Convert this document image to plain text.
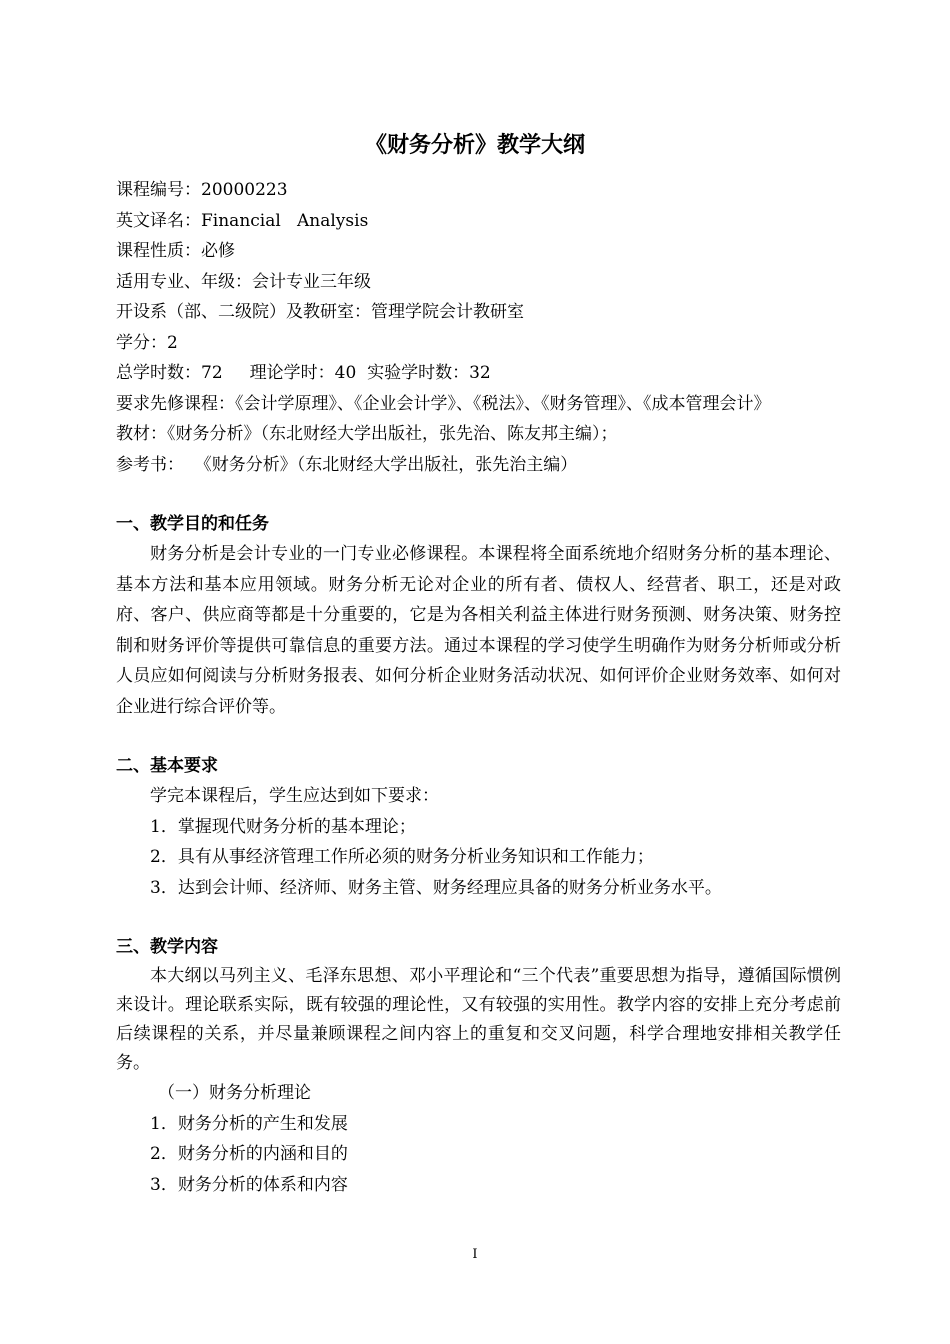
《财务分析》教学大纲
课程编号：20000223
英文译名：Financial   Analysis
课程性质：必修
适用专业、年级：会计专业三年级
开设系（部、二级院）及教研室：管理学院会计教研室
学分：2
总学时数：72     理论学时：40  实验学时数：32
要求先修课程：《会计学原理》、《企业会计学》、《税法》、《财务管理》、《成本管理会计》
教材：《财务分析》（东北财经大学出版社，张先治、陈友邦主编）；
参考书：  《财务分析》（东北财经大学出版社，张先治主编）
一、教学目的和任务
财务分析是会计专业的一门专业必修课程。本课程将全面系统地介绍财务分析的基本理论、基本方法和基本应用领域。财务分析无论对企业的所有者、债权人、经营者、职工，还是对政府、客户、供应商等都是十分重要的，它是为各相关利益主体进行财务预测、财务决策、财务控制和财务评价等提供可靠信息的重要方法。通过本课程的学习使学生明确作为财务分析师或分析人员应如何阅读与分析财务报表、如何分析企业财务活动状况、如何评价企业财务效率、如何对企业进行综合评价等。
二、基本要求
学完本课程后，学生应达到如下要求：
1．掌握现代财务分析的基本理论；
2．具有从事经济管理工作所必须的财务分析业务知识和工作能力；
3．达到会计师、经济师、财务主管、财务经理应具备的财务分析业务水平。
三、教学内容
本大纲以马列主义、毛泽东思想、邓小平理论和“三个代表”重要思想为指导，遵循国际惯例来设计。理论联系实际，既有较强的理论性，又有较强的实用性。教学内容的安排上充分考虑前后续课程的关系，并尽量兼顾课程之间内容上的重复和交叉问题，科学合理地安排相关教学任务。
（一）财务分析理论
1．财务分析的产生和发展
2．财务分析的内涵和目的
3．财务分析的体系和内容
I
